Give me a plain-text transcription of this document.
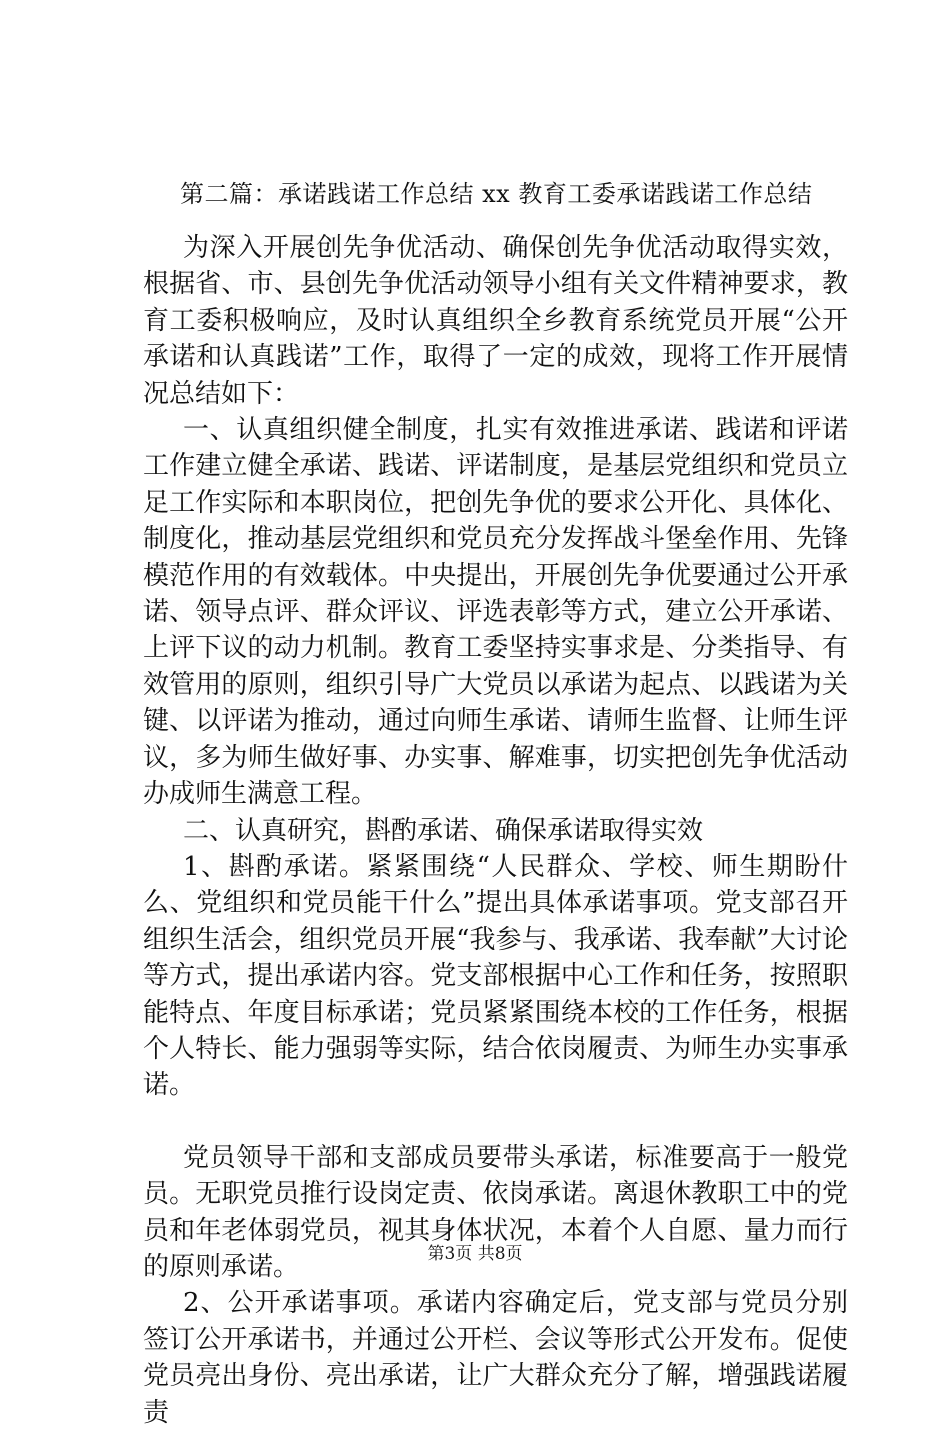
第二篇：承诺践诺工作总结 xx 教育工委承诺践诺工作总结

为深入开展创先争优活动、确保创先争优活动取得实效，根据省、市、县创先争优活动领导小组有关文件精神要求，教育工委积极响应，及时认真组织全乡教育系统党员开展“公开承诺和认真践诺”工作，取得了一定的成效，现将工作开展情况总结如下：

一、认真组织健全制度，扎实有效推进承诺、践诺和评诺工作建立健全承诺、践诺、评诺制度，是基层党组织和党员立足工作实际和本职岗位，把创先争优的要求公开化、具体化、制度化，推动基层党组织和党员充分发挥战斗堡垒作用、先锋模范作用的有效载体。中央提出，开展创先争优要通过公开承诺、领导点评、群众评议、评选表彰等方式，建立公开承诺、上评下议的动力机制。教育工委坚持实事求是、分类指导、有效管用的原则，组织引导广大党员以承诺为起点、以践诺为关键、以评诺为推动，通过向师生承诺、请师生监督、让师生评议，多为师生做好事、办实事、解难事，切实把创先争优活动办成师生满意工程。

二、认真研究，斟酌承诺、确保承诺取得实效

1、斟酌承诺。紧紧围绕“人民群众、学校、师生期盼什么、党组织和党员能干什么”提出具体承诺事项。党支部召开组织生活会，组织党员开展“我参与、我承诺、我奉献”大讨论等方式，提出承诺内容。党支部根据中心工作和任务，按照职能特点、年度目标承诺；党员紧紧围绕本校的工作任务，根据个人特长、能力强弱等实际，结合依岗履责、为师生办实事承诺。

党员领导干部和支部成员要带头承诺，标准要高于一般党员。无职党员推行设岗定责、依岗承诺。离退休教职工中的党员和年老体弱党员，视其身体状况，本着个人自愿、量力而行的原则承诺。

2、公开承诺事项。承诺内容确定后，党支部与党员分别签订公开承诺书，并通过公开栏、会议等形式公开发布。促使党员亮出身份、亮出承诺，让广大群众充分了解，增强践诺履责

第3页 共8页
